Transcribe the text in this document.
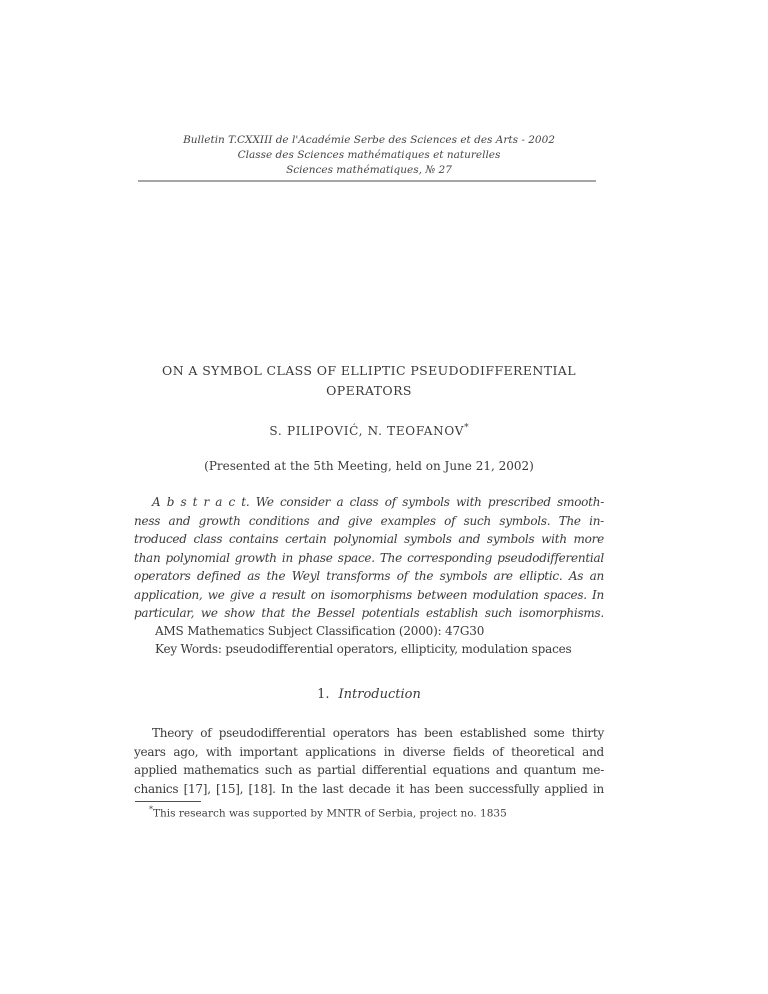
Bulletin T.CXXIII de l'Académie Serbe des Sciences et des Arts - 2002
Classe des Sciences mathématiques et naturelles
Sciences mathématiques, № 27
ON A SYMBOL CLASS OF ELLIPTIC PSEUDODIFFERENTIAL
OPERATORS
S. PILIPOVIĆ, N. TEOFANOV*
(Presented at the 5th Meeting, held on June 21, 2002)
A b s t r a c t. We consider a class of symbols with prescribed smooth-
ness and growth conditions and give examples of such symbols. The in-
troduced class contains certain polynomial symbols and symbols with more
than polynomial growth in phase space. The corresponding pseudodifferential
operators defined as the Weyl transforms of the symbols are elliptic. As an
application, we give a result on isomorphisms between modulation spaces. In
particular, we show that the Bessel potentials establish such isomorphisms.
AMS Mathematics Subject Classification (2000): 47G30
Key Words: pseudodifferential operators, ellipticity, modulation spaces
1. Introduction
Theory of pseudodifferential operators has been established some thirty
years ago, with important applications in diverse fields of theoretical and
applied mathematics such as partial differential equations and quantum me-
chanics [17], [15], [18]. In the last decade it has been successfully applied in
*This research was supported by MNTR of Serbia, project no. 1835
